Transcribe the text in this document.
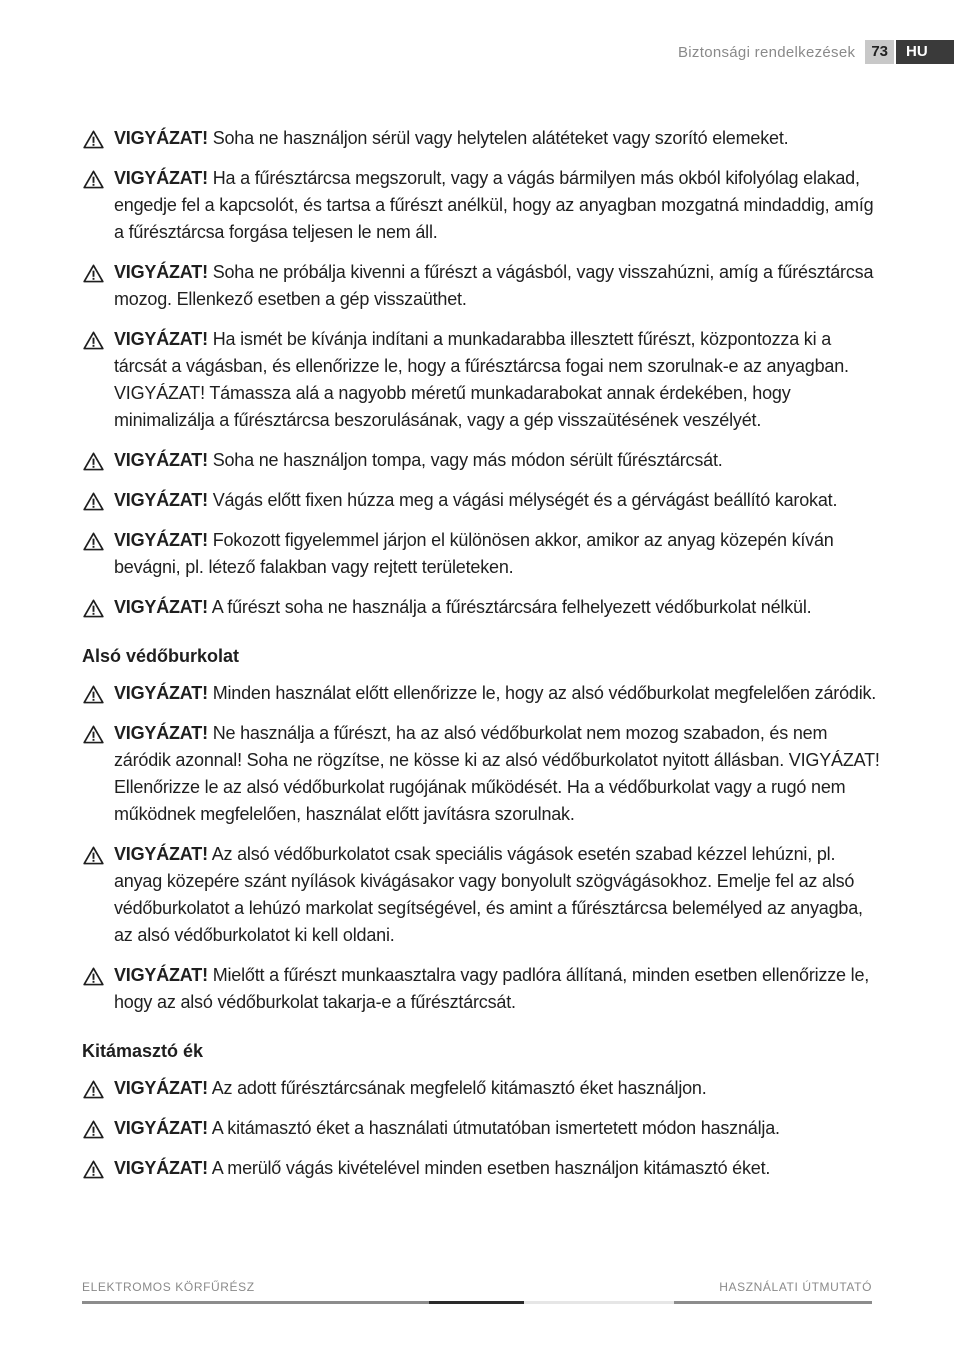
Biztonsági rendelkezések	73	HU
VIGYÁZAT! Soha ne használjon sérül vagy helytelen alátéteket vagy szorító elemeket.
VIGYÁZAT! Ha a fűrésztárcsa megszorult, vagy a vágás bármilyen más okból kifolyólag elakad, engedje fel a kapcsolót, és tartsa a fűrészt anélkül, hogy az anyagban mozgatná mindaddig, amíg a fűrésztárcsa forgása teljesen le nem áll.
VIGYÁZAT! Soha ne próbálja kivenni a fűrészt a vágásból, vagy visszahúzni, amíg a fűrésztárcsa mozog. Ellenkező esetben a gép visszaüthet.
VIGYÁZAT! Ha ismét be kívánja indítani a munkadarabba illesztett fűrészt, központozza ki a tárcsát a vágásban, és ellenőrizze le, hogy a fűrésztárcsa fogai nem szorulnak-e az anyagban. VIGYÁZAT! Támassza alá a nagyobb méretű munkadarabokat annak érdekében, hogy minimalizálja a fűrésztárcsa beszorulásának, vagy a gép visszaütésének veszélyét.
VIGYÁZAT! Soha ne használjon tompa, vagy más módon sérült fűrésztárcsát.
VIGYÁZAT! Vágás előtt fixen húzza meg a vágási mélységét és a gérvágást beállító karokat.
VIGYÁZAT! Fokozott figyelemmel járjon el különösen akkor, amikor az anyag közepén kíván bevágni, pl. létező falakban vagy rejtett területeken.
VIGYÁZAT! A fűrészt soha ne használja a fűrésztárcsára felhelyezett védőburkolat nélkül.
Alsó védőburkolat
VIGYÁZAT! Minden használat előtt ellenőrizze le, hogy az alsó védőburkolat megfelelően záródik.
VIGYÁZAT! Ne használja a fűrészt, ha az alsó védőburkolat nem mozog szabadon, és nem záródik azonnal! Soha ne rögzítse, ne kösse ki az alsó védőburkolatot nyitott állásban. VIGYÁZAT! Ellenőrizze le az alsó védőburkolat rugójának működését. Ha a védőburkolat vagy a rugó nem működnek megfelelően, használat előtt javításra szorulnak.
VIGYÁZAT! Az alsó védőburkolatot csak speciális vágások esetén szabad kézzel lehúzni, pl. anyag közepére szánt nyílások kivágásakor vagy bonyolult szögvágásokhoz. Emelje fel az alsó védőburkolatot a lehúzó markolat segítségével, és amint a fűrésztárcsa belemélyed az anyagba, az alsó védőburkolatot ki kell oldani.
VIGYÁZAT! Mielőtt a fűrészt munkaasztalra vagy padlóra állítaná, minden esetben ellenőrizze le, hogy az alsó védőburkolat takarja-e a fűrésztárcsát.
Kitámasztó ék
VIGYÁZAT! Az adott fűrésztárcsának megfelelő kitámasztó éket használjon.
VIGYÁZAT! A kitámasztó éket a használati útmutatóban ismertetett módon használja.
VIGYÁZAT! A merülő vágás kivételével minden esetben használjon kitámasztó éket.
ELEKTROMOS KÖRFŰRÉSZ	HASZNÁLATI ÚTMUTATÓ
